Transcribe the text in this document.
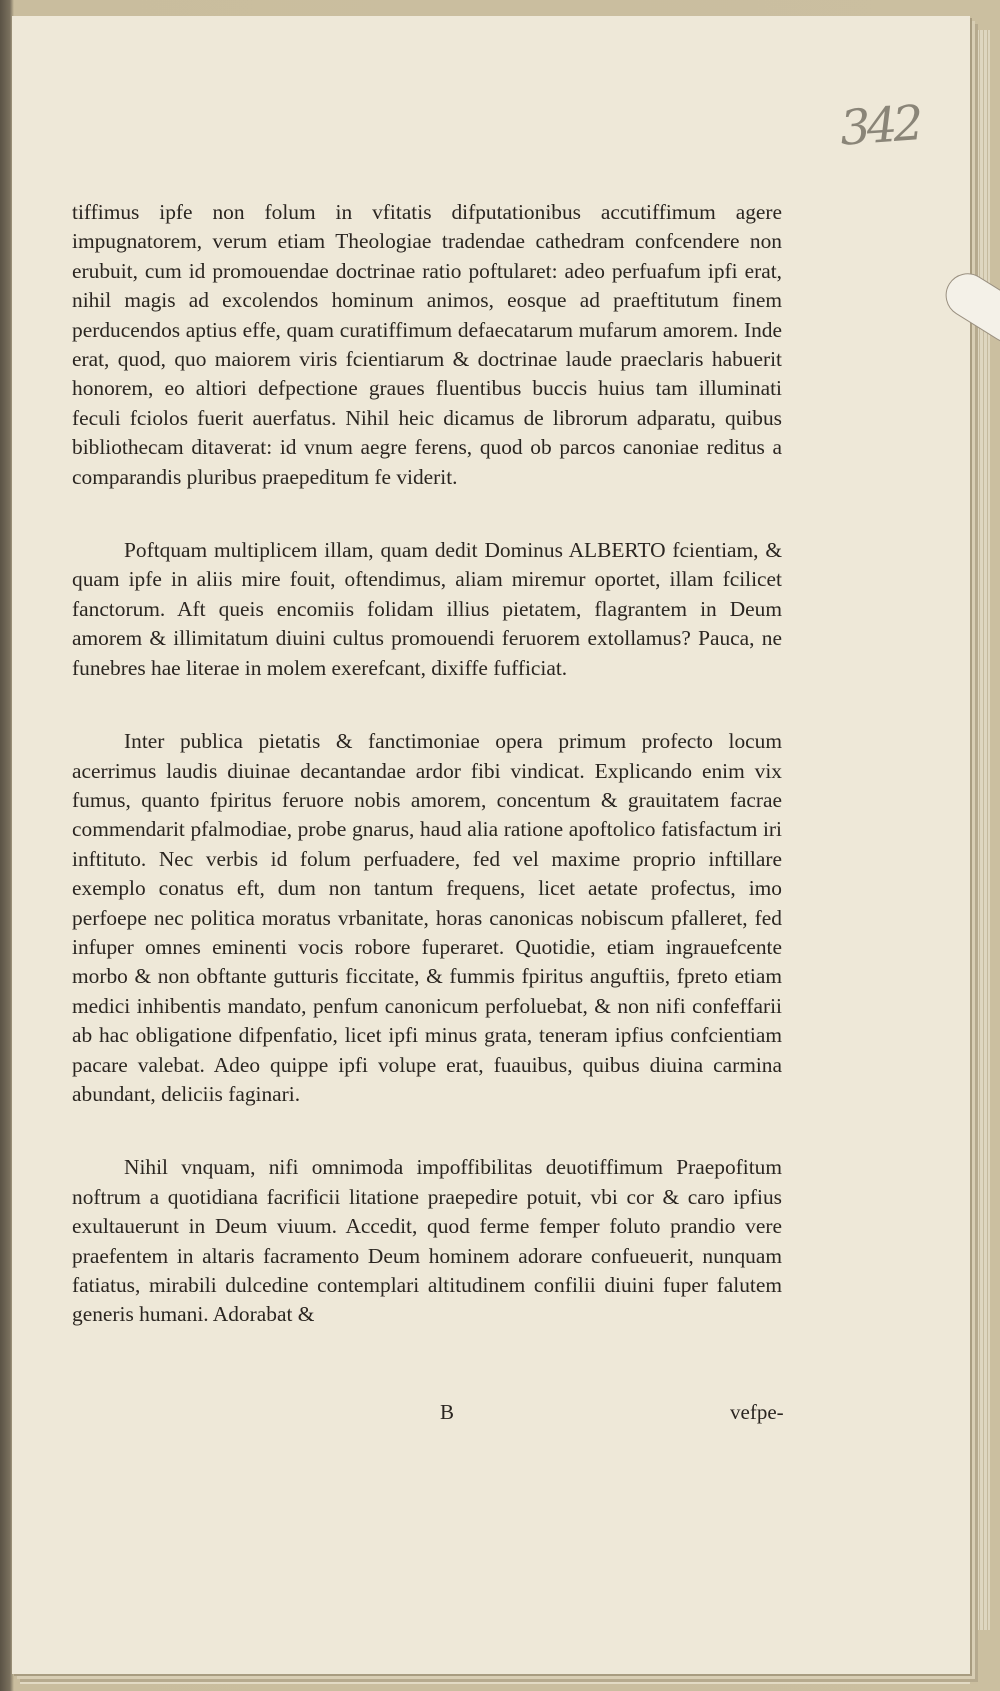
342

tiffimus ipfe non folum in vfitatis difputationibus accutiffimum agere impugnatorem, verum etiam Theologiae tradendae cathedram confcendere non erubuit, cum id promouendae doctrinae ratio poftularet: adeo perfuafum ipfi erat, nihil magis ad excolendos hominum animos, eosque ad praeftitutum finem perducendos aptius effe, quam curatiffimum defaecatarum mufarum amorem. Inde erat, quod, quo maiorem viris fcientiarum & doctrinae laude praeclaris habuerit honorem, eo altiori defpectione graues fluentibus buccis huius tam illuminati feculi fciolos fuerit auerfatus. Nihil heic dicamus de librorum adparatu, quibus bibliothecam ditaverat: id vnum aegre ferens, quod ob parcos canoniae reditus a comparandis pluribus praepeditum fe viderit.

Poftquam multiplicem illam, quam dedit Dominus ALBERTO fcientiam, & quam ipfe in aliis mire fouit, oftendimus, aliam miremur oportet, illam fcilicet fanctorum. Aft queis encomiis folidam illius pietatem, flagrantem in Deum amorem & illimitatum diuini cultus promouendi feruorem extollamus? Pauca, ne funebres hae literae in molem exerefcant, dixiffe fufficiat.

Inter publica pietatis & fanctimoniae opera primum profecto locum acerrimus laudis diuinae decantandae ardor fibi vindicat. Explicando enim vix fumus, quanto fpiritus feruore nobis amorem, concentum & grauitatem facrae commendarit pfalmodiae, probe gnarus, haud alia ratione apoftolico fatisfactum iri inftituto. Nec verbis id folum perfuadere, fed vel maxime proprio inftillare exemplo conatus eft, dum non tantum frequens, licet aetate profectus, imo perfoepe nec politica moratus vrbanitate, horas canonicas nobiscum pfalleret, fed infuper omnes eminenti vocis robore fuperaret. Quotidie, etiam ingrauefcente morbo & non obftante gutturis ficcitate, & fummis fpiritus anguftiis, fpreto etiam medici inhibentis mandato, penfum canonicum perfoluebat, & non nifi confeffarii ab hac obligatione difpenfatio, licet ipfi minus grata, teneram ipfius confcientiam pacare valebat. Adeo quippe ipfi volupe erat, fuauibus, quibus diuina carmina abundant, deliciis faginari.

Nihil vnquam, nifi omnimoda impoffibilitas deuotiffimum Praepofitum noftrum a quotidiana facrificii litatione praepedire potuit, vbi cor & caro ipfius exultauerunt in Deum viuum. Accedit, quod ferme femper foluto prandio vere praefentem in altaris facramento Deum hominem adorare confueuerit, nunquam fatiatus, mirabili dulcedine contemplari altitudinem confilii diuini fuper falutem generis humani. Adorabat &

B	vefpe-
